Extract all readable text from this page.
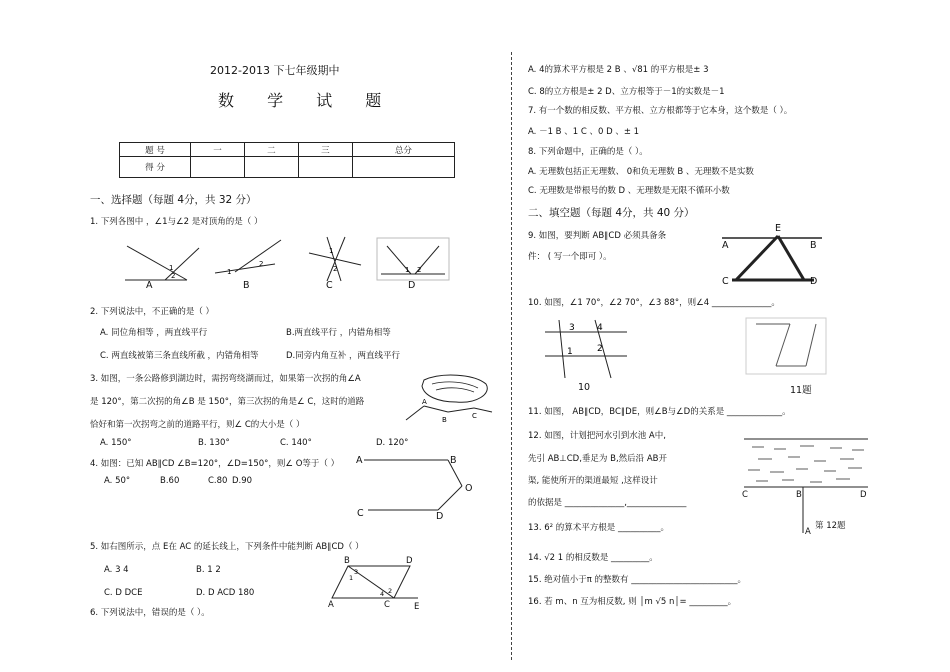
2012-2013 下七年级期中
数 学 试 题
题 号	一	二	三	总分
得 分				
一、选择题（每题 4分，共 32 分）
1. 下列各图中 ，∠1与∠2 是对顶角的是（ ）
1
2	1
2
1
2	1 2
A	B	C	D
2. 下列说法中，不正确的是（ ）
A. 同位角相等 ，两直线平行	B.两直线平行 ，内错角相等
C. 两直线被第三条直线所截 ，内错角相等	D.同旁内角互补 ，两直线平行
3. 如图，一条公路修到湖边时，需拐弯绕湖而过，如果第一次拐的角∠A
是 120°，第二次拐的角∠B 是 150°，第三次拐的角是∠ C，这时的道路
恰好和第一次拐弯之前的道路平行，则∠ C的大小是（ ）
A
B	C
A. 150°	B. 130°	C. 140°	D. 120°
4. 如图：已知 AB∥CD ∠B=120°，∠D=150°，则∠ O等于（ ）
A. 50°	B.60	C.80 D.90
A	B
O
C	D
5. 如右图所示，点 E在 AC 的延长线上，下列条件中能判断 AB∥CD（ ）
A. 3 4	B. 1 2
C. D DCE	D. D ACD 180
3
1
4 2
B	D
A	C	E
6. 下列说法中，错误的是（ ）。
A. 4的算术平方根是 2 B 、√81 的平方根是± 3
C. 8的立方根是± 2 D、立方根等于－1的实数是－1
7. 有一个数的相反数、平方根、立方根都等于它本身，这个数是（ ）。
A. －1 B 、1 C 、0 D 、± 1
8. 下列命题中，正确的是（ ）。
A. 无理数包括正无理数、 0和负无理数 B 、无理数不是实数
C. 无理数是带根号的数 D 、无理数是无限不循环小数
二、填空题（每题 4分，共 40 分）
9. 如图，要判断 AB∥CD 必须具备条
件： ( 写一个即可 ）。
E
A	B
C	D
10. 如图，∠1 70°，∠2 70°，∠3 88°，则∠4 ______________。
3 4
1	2
10	11题
11. 如图， AB∥CD，BC∥DE，则∠B与∠D的关系是 _____________。
12. 如图，计划把河水引到水池 A中,
先引 AB⊥CD,垂足为 B,然后沿 AB开
渠, 能使所开的渠道最短 ,这样设计
的依据是 ______________,______________
C	B	D
A
第 12题
13. 6² 的算术平方根是 __________。
14. √2 1 的相反数是 _________。
15. 绝对值小于π 的整数有 _________________________。
16. 若 m、n 互为相反数, 则 │m √5 n│= _________。
